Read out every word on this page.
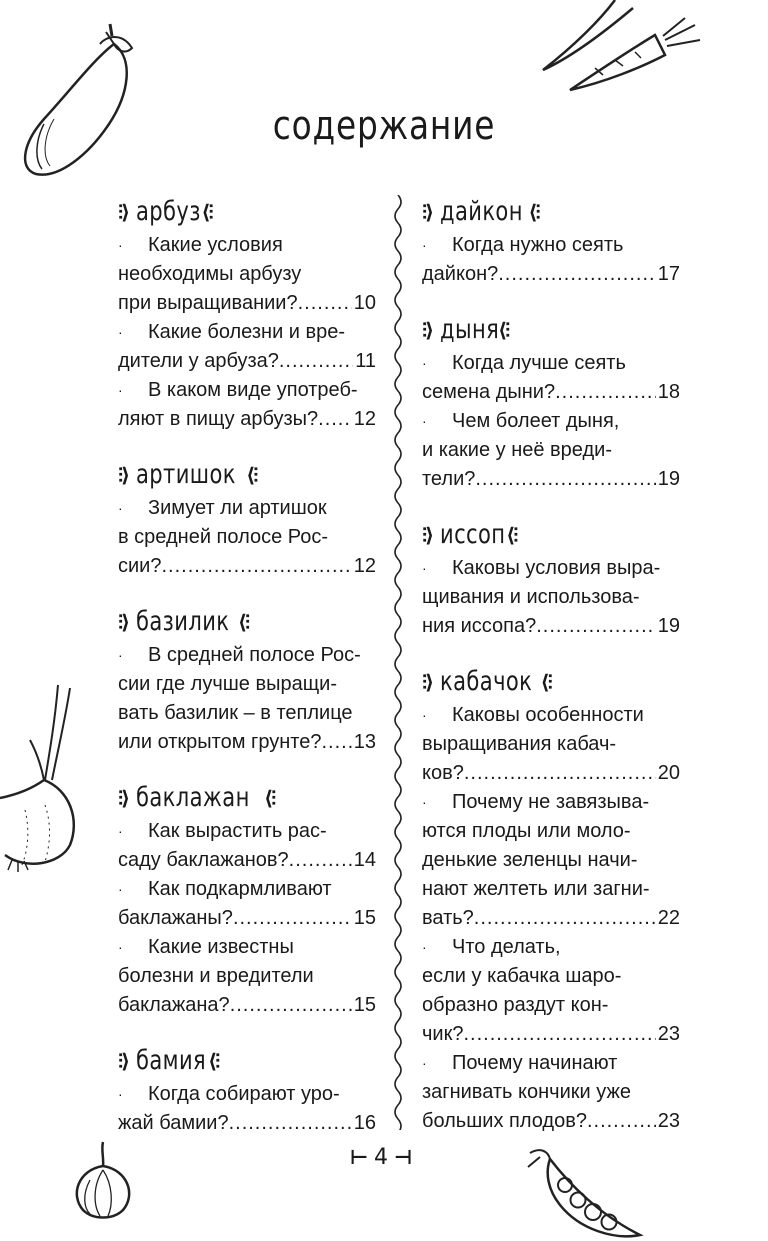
содержание
⫶⟩ арбуз ⟨⫶
·	Какие условия
необходимы арбузу
при выращивании? .....	10
·	Какие болезни и вре-
дители у арбуза? .....	11
·	В каком виде употреб-
ляют в пищу арбузы? ..... 12
⫶⟩ артишок ⟨⫶
·	Зимует ли артишок
в средней полосе Рос-
сии? .....	12
⫶⟩ базилик ⟨⫶
·	В средней полосе Рос-
сии где лучше выращи-
вать базилик – в теплице
или открытом грунте? ..... 13
⫶⟩ баклажан ⟨⫶
·	Как вырастить рас-
саду баклажанов? .....	14
·	Как подкармливают
баклажаны? .....	15
·	Какие известны
болезни и вредители
баклажана? .....	15
⫶⟩ бамия ⟨⫶
·	Когда собирают уро-
жай бамии? .....	16
⫶⟩ дайкон ⟨⫶
·	Когда нужно сеять
дайкон? .....	17
⫶⟩ дыня
⟨⫶
·	Когда лучше сеять
семена дыни? .....	18
·	Чем болеет дыня,
и какие у неё вреди-
тели? .....	19
⫶⟩ иссоп ⟨⫶
·	Каковы условия выра-
щивания и использова-
ния иссопа? .....	19
⫶⟩ кабачок ⟨⫶
·	Каковы особенности
выращивания кабач-
ков? .....	20
·	Почему не завязыва-
ются плоды или моло-
денькие зеленцы начи-
нают желтеть или загни-
вать? .....	22
·	Что делать,
если у кабачка шаро-
образно раздут кон-
чик? .....	23
·	Почему начинают
загнивать кончики уже
больших плодов? .....	23
⊢ 4 ⊣
